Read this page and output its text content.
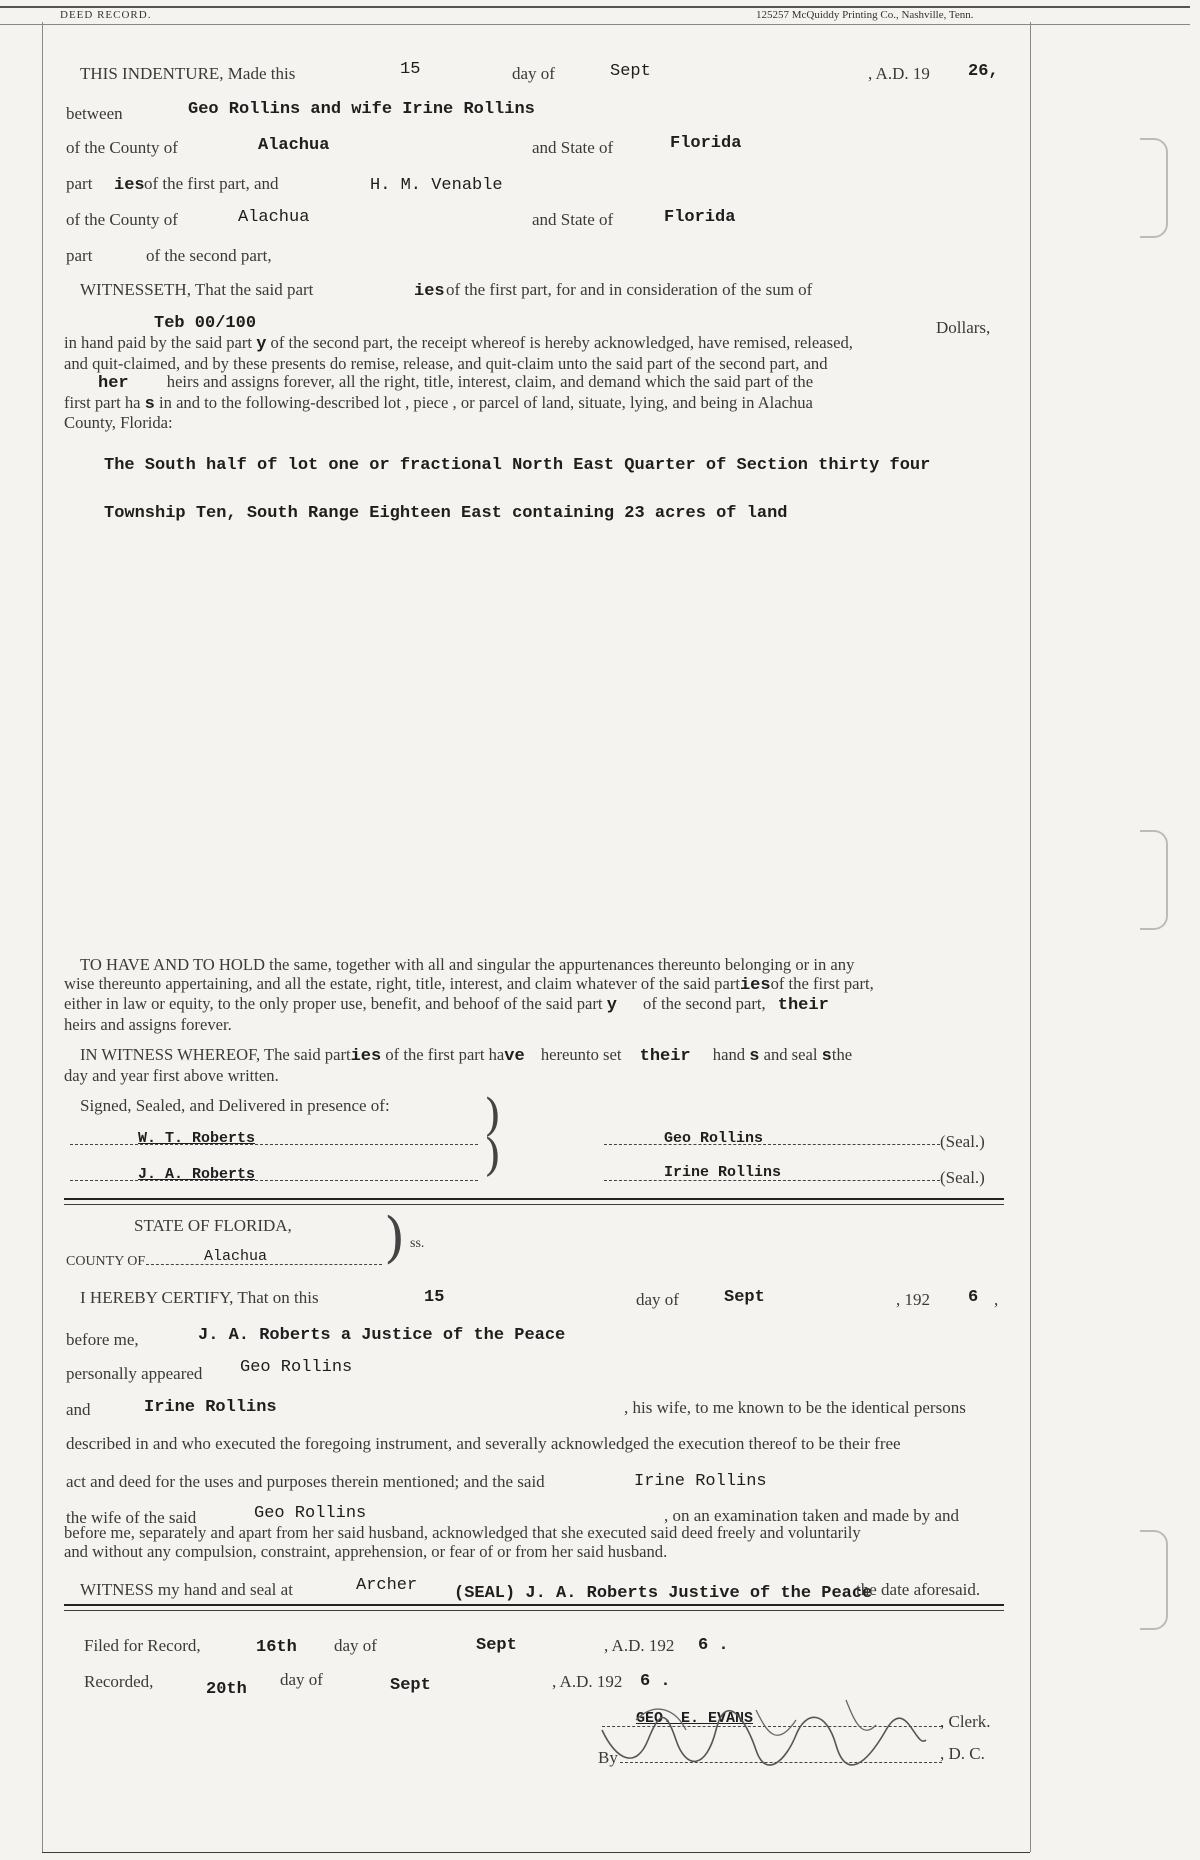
DEED RECORD.	125257 McQuiddy Printing Co., Nashville, Tenn.
THIS INDENTURE, Made this	15	day of	Sept	, A.D. 19 26,
between	Geo Rollins and wife Irine Rollins
of the County of	Alachua	and State of	Florida
part ies of the first part, and	H. M. Venable
of the County of	Alachua	and State of	Florida
part	of the second part,
WITNESSETH, That the said part	ies of the first part, for and in consideration of the sum of
Teb 00/100	Dollars,
in hand paid by the said part y of the second part, the receipt whereof is hereby acknowledged, have remised, released,
and quit-claimed, and by these presents do remise, release, and quit-claim unto the said part of the second part, and
her heirs and assigns forever, all the right, title, interest, claim, and demand which the said part of the
first part ha s in and to the following-described lot , piece , or parcel of land, situate, lying, and being in Alachua
County, Florida:
The South half of lot one or fractional North East Quarter of Section thirty four
Township Ten, South Range Eighteen East containing 23 acres of land
TO HAVE AND TO HOLD the same, together with all and singular the appurtenances thereunto belonging or in any
wise thereunto appertaining, and all the estate, right, title, interest, and claim whatever of the said partiesof the first part,
either in law or equity, to the only proper use, benefit, and behoof of the said part y of the second part, their
heirs and assigns forever.
IN WITNESS WHEREOF, The said parties of the first part have hereunto set their hand s and seal sthe
day and year first above written.
Signed, Sealed, and Delivered in presence of: )
)
W. T. Roberts
J. A. Roberts
Geo Rollins	(Seal.)
Irine Rollins	(Seal.)
STATE OF FLORIDA,
COUNTY OF	Alachua ) ss.
I HEREBY CERTIFY, That on this	15	day of	Sept	, 192 6 ,
before me,	J. A. Roberts a Justice of the Peace
personally appeared Geo Rollins
and	Irine Rollins	, his wife, to me known to be the identical persons
described in and who executed the foregoing instrument, and severally acknowledged the execution thereof to be their free
act and deed for the uses and purposes therein mentioned; and the said	Irine Rollins
the wife of the said	Geo Rollins	, on an examination taken and made by and
before me, separately and apart from her said husband, acknowledged that she executed said deed freely and voluntarily
and without any compulsion, constraint, apprehension, or fear of or from her said husband.
WITNESS my hand and seal at	Archer (SEAL) J. A. Roberts Justive of the Peace
the date aforesaid.
Filed for Record,	16th day of	Sept	, A.D. 192 6 .
Recorded,	20th
day of	Sept	, A.D. 192 6 .
GEO. E. EVANS	, Clerk.
By	, D. C.
